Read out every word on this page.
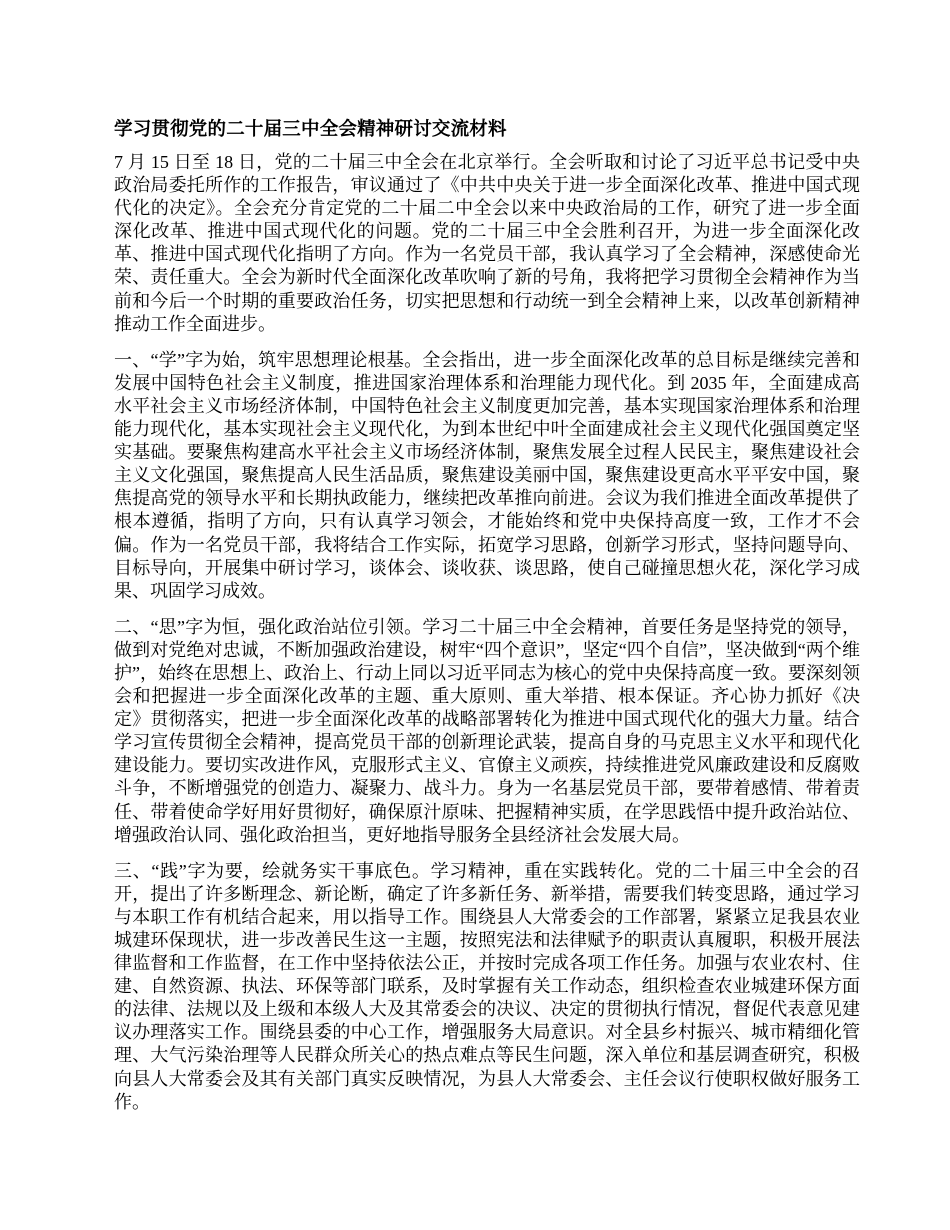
学习贯彻党的二十届三中全会精神研讨交流材料

7 月 15 日至 18 日，党的二十届三中全会在北京举行。全会听取和讨论了习近平总书记受中央政治局委托所作的工作报告，审议通过了《中共中央关于进一步全面深化改革、推进中国式现代化的决定》。全会充分肯定党的二十届二中全会以来中央政治局的工作，研究了进一步全面深化改革、推进中国式现代化的问题。党的二十届三中全会胜利召开，为进一步全面深化改革、推进中国式现代化指明了方向。作为一名党员干部，我认真学习了全会精神，深感使命光荣、责任重大。全会为新时代全面深化改革吹响了新的号角，我将把学习贯彻全会精神作为当前和今后一个时期的重要政治任务，切实把思想和行动统一到全会精神上来，以改革创新精神推动工作全面进步。

一、“学”字为始，筑牢思想理论根基。全会指出，进一步全面深化改革的总目标是继续完善和发展中国特色社会主义制度，推进国家治理体系和治理能力现代化。到 2035 年，全面建成高水平社会主义市场经济体制，中国特色社会主义制度更加完善，基本实现国家治理体系和治理能力现代化，基本实现社会主义现代化，为到本世纪中叶全面建成社会主义现代化强国奠定坚实基础。要聚焦构建高水平社会主义市场经济体制，聚焦发展全过程人民民主，聚焦建设社会主义文化强国，聚焦提高人民生活品质，聚焦建设美丽中国，聚焦建设更高水平平安中国，聚焦提高党的领导水平和长期执政能力，继续把改革推向前进。会议为我们推进全面改革提供了根本遵循，指明了方向，只有认真学习领会，才能始终和党中央保持高度一致，工作才不会偏。作为一名党员干部，我将结合工作实际，拓宽学习思路，创新学习形式，坚持问题导向、目标导向，开展集中研讨学习，谈体会、谈收获、谈思路，使自己碰撞思想火花，深化学习成果、巩固学习成效。

二、“思”字为恒，强化政治站位引领。学习二十届三中全会精神，首要任务是坚持党的领导，做到对党绝对忠诚，不断加强政治建设，树牢“四个意识”，坚定“四个自信”，坚决做到“两个维护”，始终在思想上、政治上、行动上同以习近平同志为核心的党中央保持高度一致。要深刻领会和把握进一步全面深化改革的主题、重大原则、重大举措、根本保证。齐心协力抓好《决定》贯彻落实，把进一步全面深化改革的战略部署转化为推进中国式现代化的强大力量。结合学习宣传贯彻全会精神，提高党员干部的创新理论武装，提高自身的马克思主义水平和现代化建设能力。要切实改进作风，克服形式主义、官僚主义顽疾，持续推进党风廉政建设和反腐败斗争，不断增强党的创造力、凝聚力、战斗力。身为一名基层党员干部，要带着感情、带着责任、带着使命学好用好贯彻好，确保原汁原味、把握精神实质，在学思践悟中提升政治站位、增强政治认同、强化政治担当，更好地指导服务全县经济社会发展大局。

三、“践”字为要，绘就务实干事底色。学习精神，重在实践转化。党的二十届三中全会的召开，提出了许多断理念、新论断，确定了许多新任务、新举措，需要我们转变思路，通过学习与本职工作有机结合起来，用以指导工作。围绕县人大常委会的工作部署，紧紧立足我县农业城建环保现状，进一步改善民生这一主题，按照宪法和法律赋予的职责认真履职，积极开展法律监督和工作监督，在工作中坚持依法公正，并按时完成各项工作任务。加强与农业农村、住建、自然资源、执法、环保等部门联系，及时掌握有关工作动态，组织检查农业城建环保方面的法律、法规以及上级和本级人大及其常委会的决议、决定的贯彻执行情况，督促代表意见建议办理落实工作。围绕县委的中心工作，增强服务大局意识。对全县乡村振兴、城市精细化管理、大气污染治理等人民群众所关心的热点难点等民生问题，深入单位和基层调查研究，积极向县人大常委会及其有关部门真实反映情况，为县人大常委会、主任会议行使职权做好服务工作。
